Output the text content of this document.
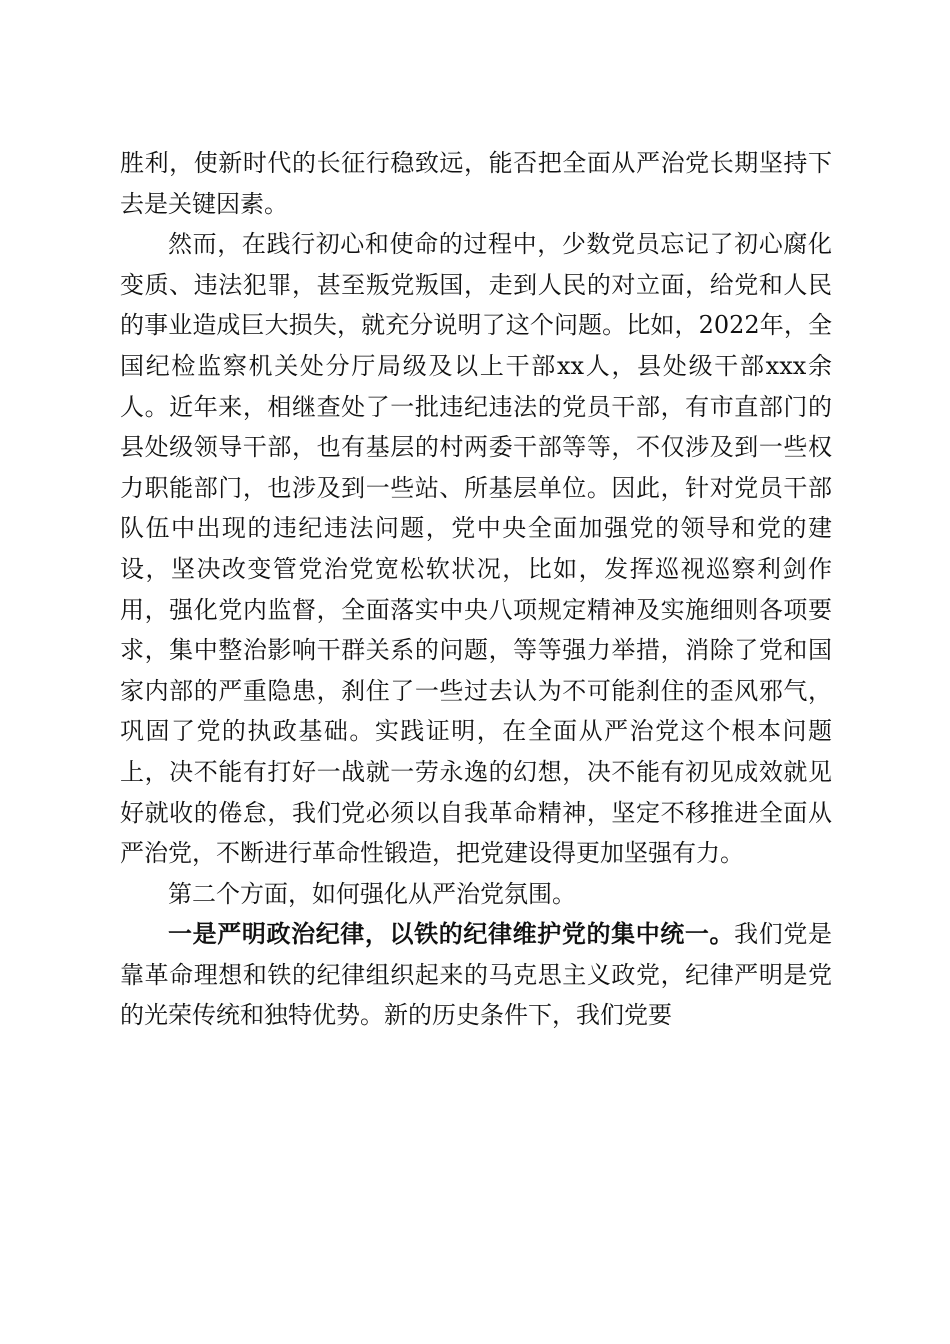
胜利，使新时代的长征行稳致远，能否把全面从严治党长期坚持下去是关键因素。

然而，在践行初心和使命的过程中，少数党员忘记了初心腐化变质、违法犯罪，甚至叛党叛国，走到人民的对立面，给党和人民的事业造成巨大损失，就充分说明了这个问题。比如，2022年，全国纪检监察机关处分厅局级及以上干部xx人，县处级干部xxx余人。近年来，相继查处了一批违纪违法的党员干部，有市直部门的县处级领导干部，也有基层的村两委干部等等，不仅涉及到一些权力职能部门，也涉及到一些站、所基层单位。因此，针对党员干部队伍中出现的违纪违法问题，党中央全面加强党的领导和党的建设，坚决改变管党治党宽松软状况，比如，发挥巡视巡察利剑作用，强化党内监督，全面落实中央八项规定精神及实施细则各项要求，集中整治影响干群关系的问题，等等强力举措，消除了党和国家内部的严重隐患，刹住了一些过去认为不可能刹住的歪风邪气，巩固了党的执政基础。实践证明，在全面从严治党这个根本问题上，决不能有打好一战就一劳永逸的幻想，决不能有初见成效就见好就收的倦怠，我们党必须以自我革命精神，坚定不移推进全面从严治党，不断进行革命性锻造，把党建设得更加坚强有力。

第二个方面，如何强化从严治党氛围。

一是严明政治纪律，以铁的纪律维护党的集中统一。我们党是靠革命理想和铁的纪律组织起来的马克思主义政党，纪律严明是党的光荣传统和独特优势。新的历史条件下，我们党要
